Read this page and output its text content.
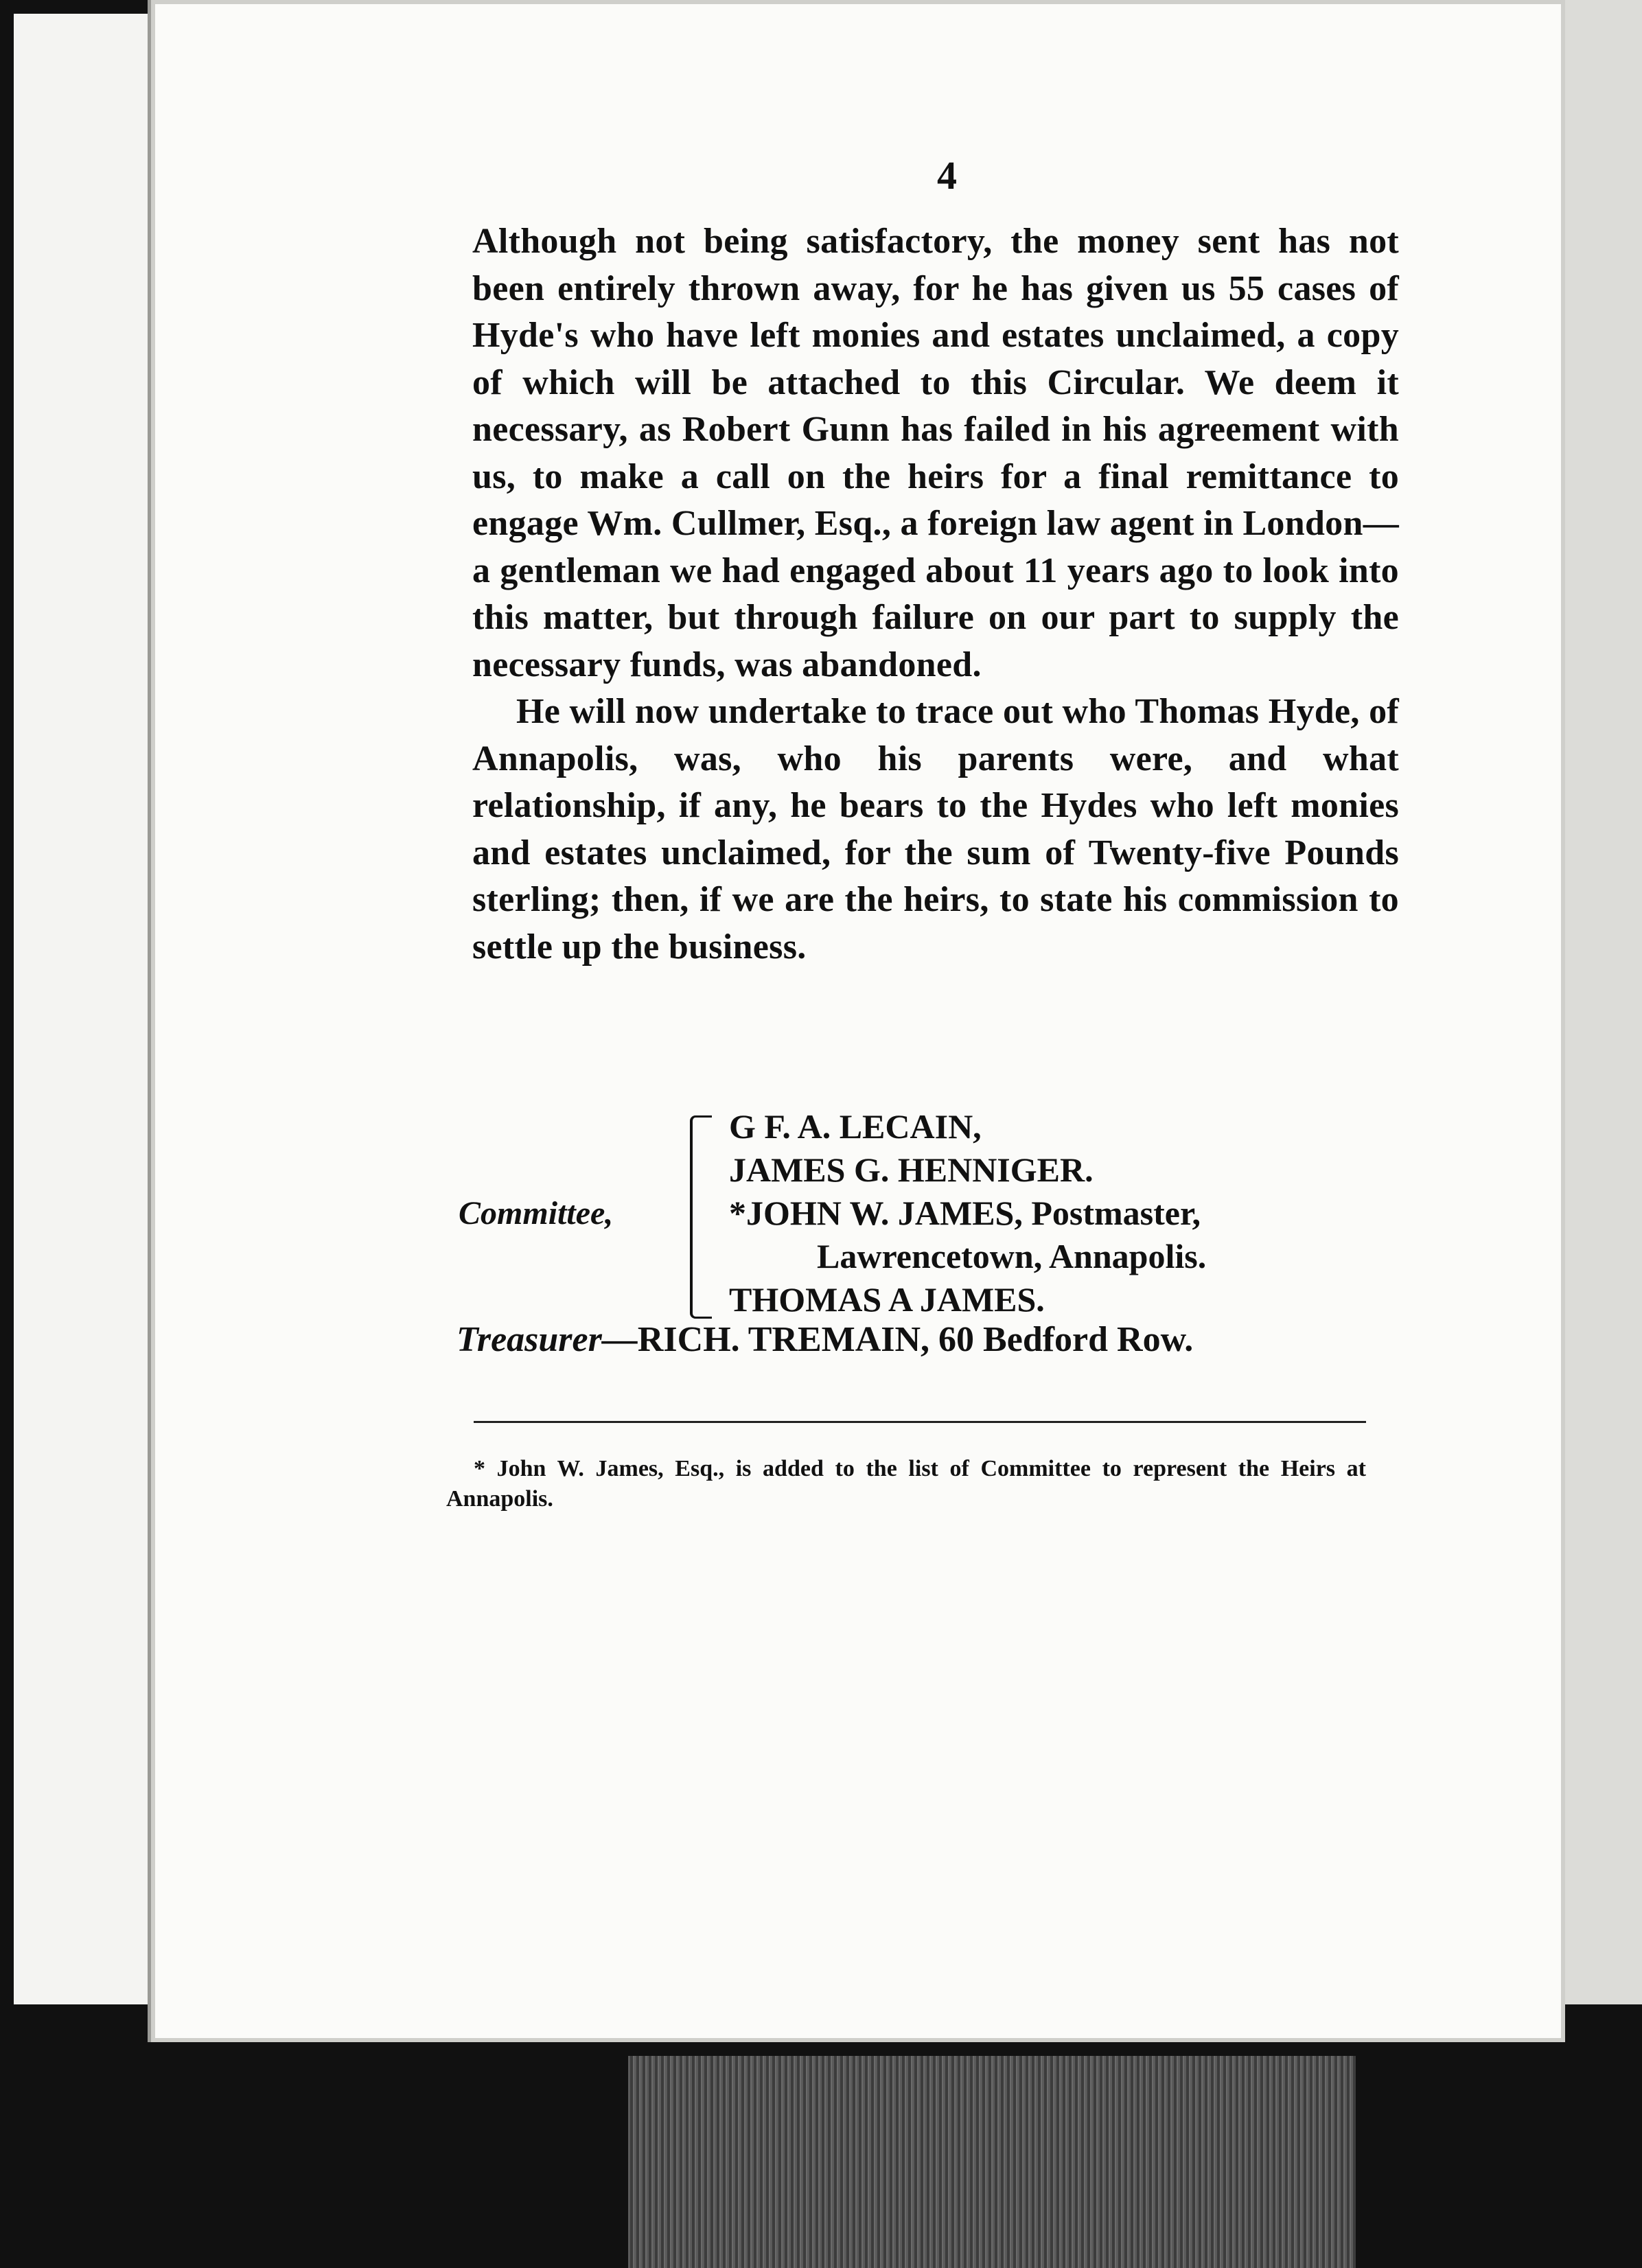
4

Although not being satisfactory, the money sent has not been entirely thrown away, for he has given us 55 cases of Hyde's who have left monies and estates unclaimed, a copy of which will be attached to this Circular. We deem it necessary, as Robert Gunn has failed in his agreement with us, to make a call on the heirs for a final remittance to engage Wm. Cullmer, Esq., a foreign law agent in London—a gentleman we had engaged about 11 years ago to look into this matter, but through failure on our part to supply the necessary funds, was abandoned.

He will now undertake to trace out who Thomas Hyde, of Annapolis, was, who his parents were, and what relationship, if any, he bears to the Hydes who left monies and estates unclaimed, for the sum of Twenty-five Pounds sterling; then, if we are the heirs, to state his commission to settle up the business.

Committee,
G F. A. LECAIN,
JAMES G. HENNIGER.
*JOHN W. JAMES, Postmaster,
Lawrencetown, Annapolis.
THOMAS A JAMES.
Treasurer—RICH. TREMAIN, 60 Bedford Row.

* John W. James, Esq., is added to the list of Committee to represent the Heirs at Annapolis.
